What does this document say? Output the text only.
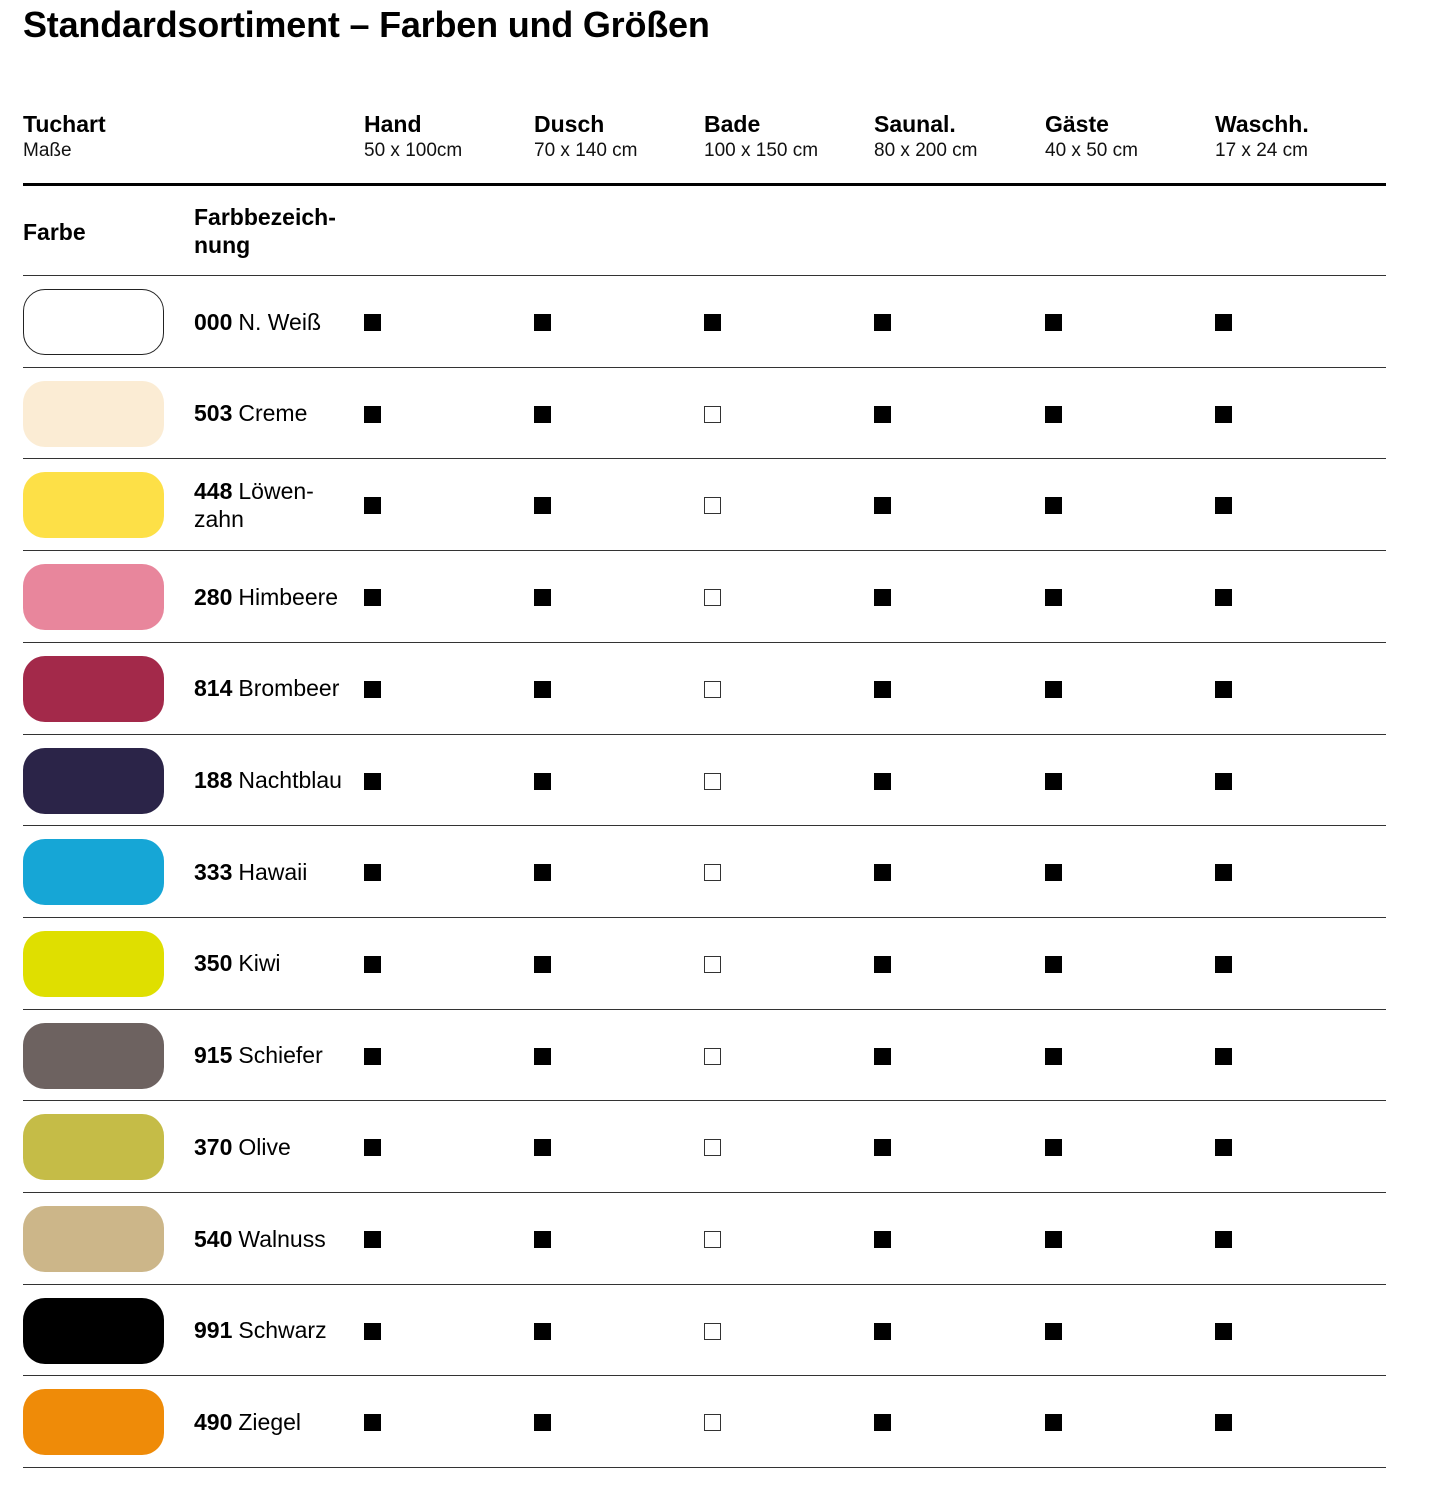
Standardsortiment – Farben und Größen
Tuchart
Maße
Hand
50 x 100cm
Dusch
70 x 140 cm
Bade
100 x 150 cm
Saunal.
80 x 200 cm
Gäste
40 x 50 cm
Waschh.
17 x 24 cm
Farbe
Farbbezeich-
nung
000 N. Weiß
503 Creme
448 Löwen-
zahn
280 Himbeere
814 Brombeer
188 Nachtblau
333 Hawaii
350 Kiwi
915 Schiefer
370 Olive
540 Walnuss
991 Schwarz
490 Ziegel
